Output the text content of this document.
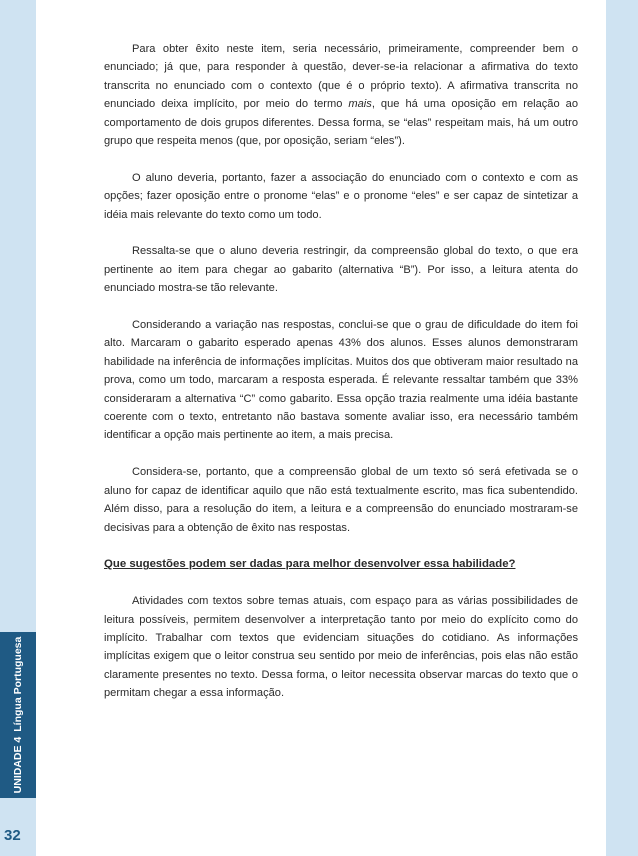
UNIDADE 4Língua Portuguesa
32

Para obter êxito neste item, seria necessário, primeiramente, compreender bem o enunciado; já que, para responder à questão, dever-se-ia relacionar a afirmativa do texto transcrita no enunciado com o contexto (que é o próprio texto). A afirmativa transcrita no enunciado deixa implícito, por meio do termo mais, que há uma oposição em relação ao comportamento de dois grupos diferentes. Dessa forma, se “elas” respeitam mais, há um outro grupo que respeita menos (que, por oposição, seriam “eles”).

O aluno deveria, portanto, fazer a associação do enunciado com o contexto e com as opções; fazer oposição entre o pronome “elas” e o pronome “eles” e ser capaz de sintetizar a idéia mais relevante do texto como um todo.

Ressalta-se que o aluno deveria restringir, da compreensão global do texto, o que era pertinente ao item para chegar ao gabarito (alternativa “B”). Por isso, a leitura atenta do enunciado mostra-se tão relevante.

Considerando a variação nas respostas, conclui-se que o grau de dificuldade do item foi alto. Marcaram o gabarito esperado apenas 43% dos alunos. Esses alunos demonstraram habilidade na inferência de informações implícitas. Muitos dos que obtiveram maior resultado na prova, como um todo, marcaram a resposta esperada. É relevante ressaltar também que 33% consideraram a alternativa “C” como gabarito. Essa opção trazia realmente uma idéia bastante coerente com o texto, entretanto não bastava somente avaliar isso, era necessário também identificar a opção mais pertinente ao item, a mais precisa.

Considera-se, portanto, que a compreensão global de um texto só será efetivada se o aluno for capaz de identificar aquilo que não está textualmente escrito, mas fica subentendido. Além disso, para a resolução do item, a leitura e a compreensão do enunciado mostraram-se decisivas para a obtenção de êxito nas respostas.

Que sugestões podem ser dadas para melhor desenvolver essa habilidade?

Atividades com textos sobre temas atuais, com espaço para as várias possibilidades de leitura possíveis, permitem desenvolver a interpretação tanto por meio do explícito como do implícito. Trabalhar com textos que evidenciam situações do cotidiano. As informações implícitas exigem que o leitor construa seu sentido por meio de inferências, pois elas não estão claramente presentes no texto. Dessa forma, o leitor necessita observar marcas do texto que o permitam chegar a essa informação.
